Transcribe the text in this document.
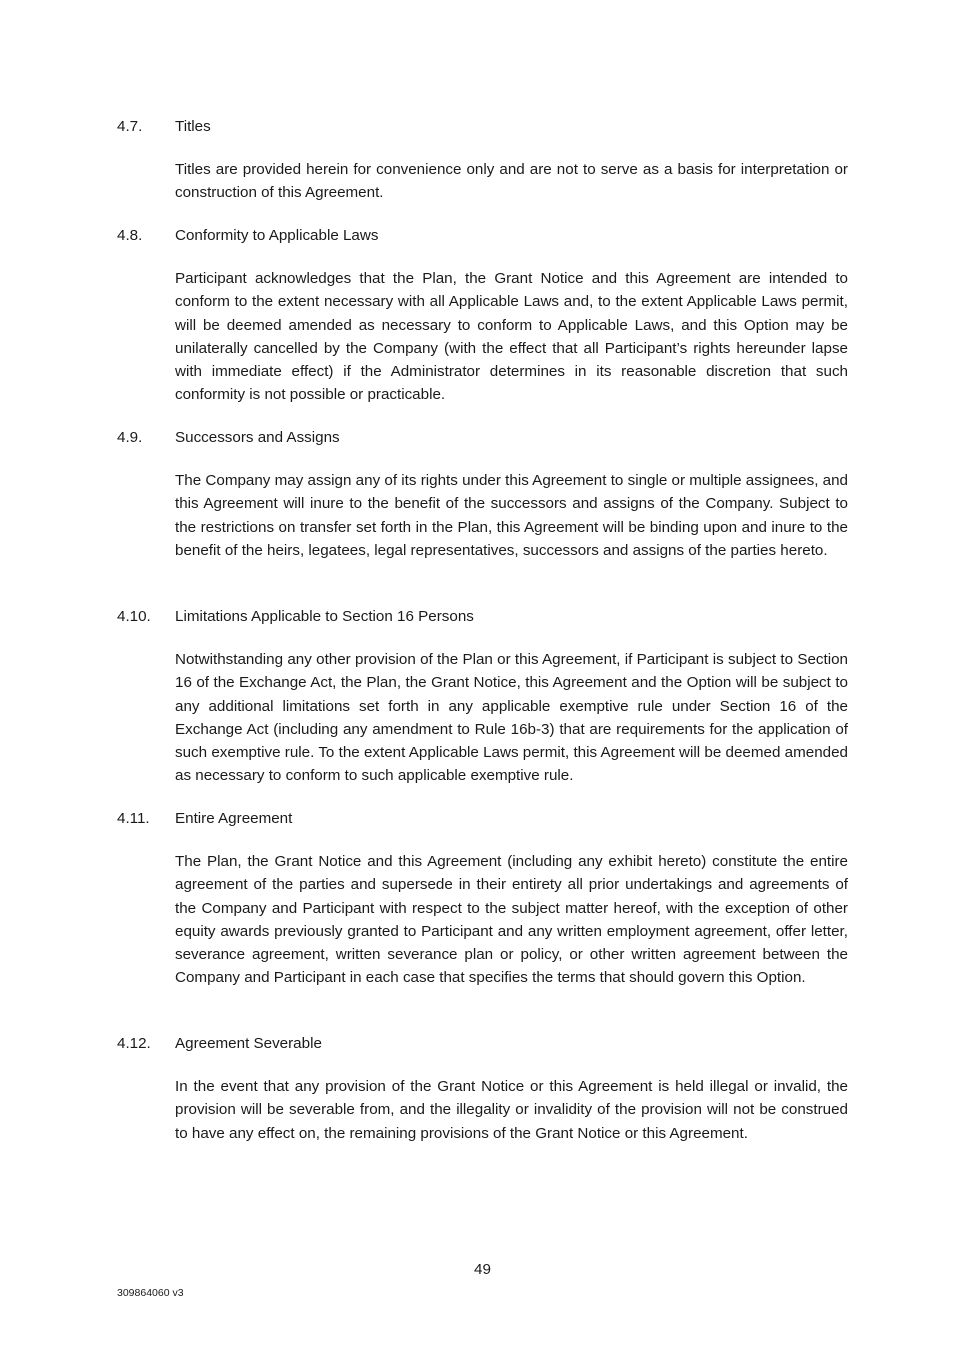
4.7. Titles
Titles are provided herein for convenience only and are not to serve as a basis for interpretation or construction of this Agreement.
4.8. Conformity to Applicable Laws
Participant acknowledges that the Plan, the Grant Notice and this Agreement are intended to conform to the extent necessary with all Applicable Laws and, to the extent Applicable Laws permit, will be deemed amended as necessary to conform to Applicable Laws, and this Option may be unilaterally cancelled by the Company (with the effect that all Participant’s rights hereunder lapse with immediate effect) if the Administrator determines in its reasonable discretion that such conformity is not possible or practicable.
4.9. Successors and Assigns
The Company may assign any of its rights under this Agreement to single or multiple assignees, and this Agreement will inure to the benefit of the successors and assigns of the Company. Subject to the restrictions on transfer set forth in the Plan, this Agreement will be binding upon and inure to the benefit of the heirs, legatees, legal representatives, successors and assigns of the parties hereto.
4.10. Limitations Applicable to Section 16 Persons
Notwithstanding any other provision of the Plan or this Agreement, if Participant is subject to Section 16 of the Exchange Act, the Plan, the Grant Notice, this Agreement and the Option will be subject to any additional limitations set forth in any applicable exemptive rule under Section 16 of the Exchange Act (including any amendment to Rule 16b-3) that are requirements for the application of such exemptive rule. To the extent Applicable Laws permit, this Agreement will be deemed amended as necessary to conform to such applicable exemptive rule.
4.11. Entire Agreement
The Plan, the Grant Notice and this Agreement (including any exhibit hereto) constitute the entire agreement of the parties and supersede in their entirety all prior undertakings and agreements of the Company and Participant with respect to the subject matter hereof, with the exception of other equity awards previously granted to Participant and any written employment agreement, offer letter, severance agreement, written severance plan or policy, or other written agreement between the Company and Participant in each case that specifies the terms that should govern this Option.
4.12. Agreement Severable
In the event that any provision of the Grant Notice or this Agreement is held illegal or invalid, the provision will be severable from, and the illegality or invalidity of the provision will not be construed to have any effect on, the remaining provisions of the Grant Notice or this Agreement.
49
309864060 v3
